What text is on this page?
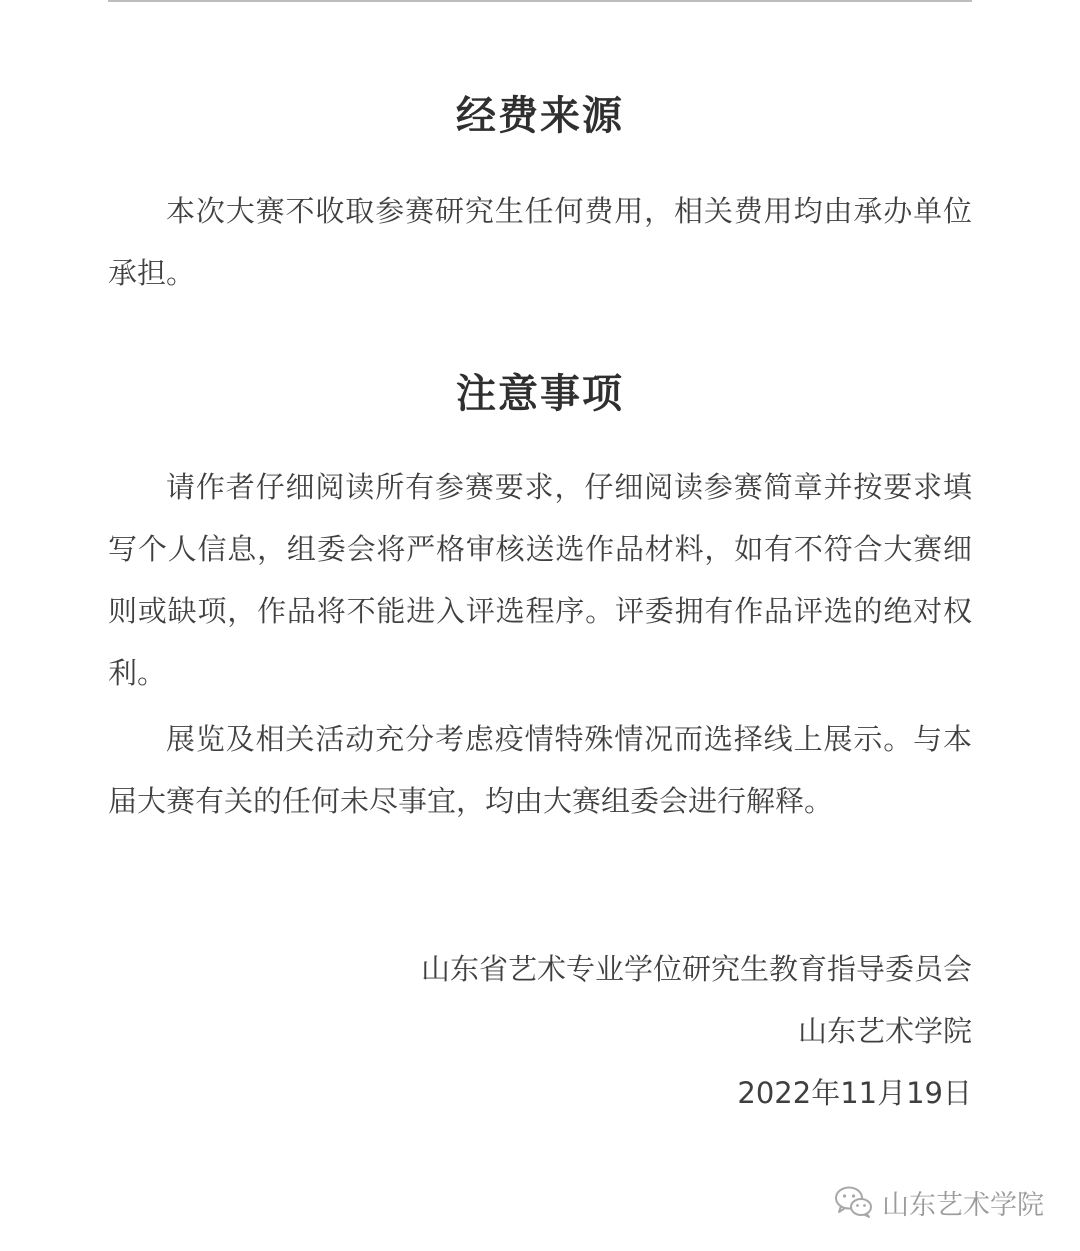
经费来源

本次大赛不收取参赛研究生任何费用，相关费用均由承办单位承担。

注意事项

请作者仔细阅读所有参赛要求，仔细阅读参赛简章并按要求填写个人信息，组委会将严格审核送选作品材料，如有不符合大赛细则或缺项，作品将不能进入评选程序。评委拥有作品评选的绝对权利。

展览及相关活动充分考虑疫情特殊情况而选择线上展示。与本届大赛有关的任何未尽事宜，均由大赛组委会进行解释。

山东省艺术专业学位研究生教育指导委员会
山东艺术学院
2022年11月19日
山东艺术学院
